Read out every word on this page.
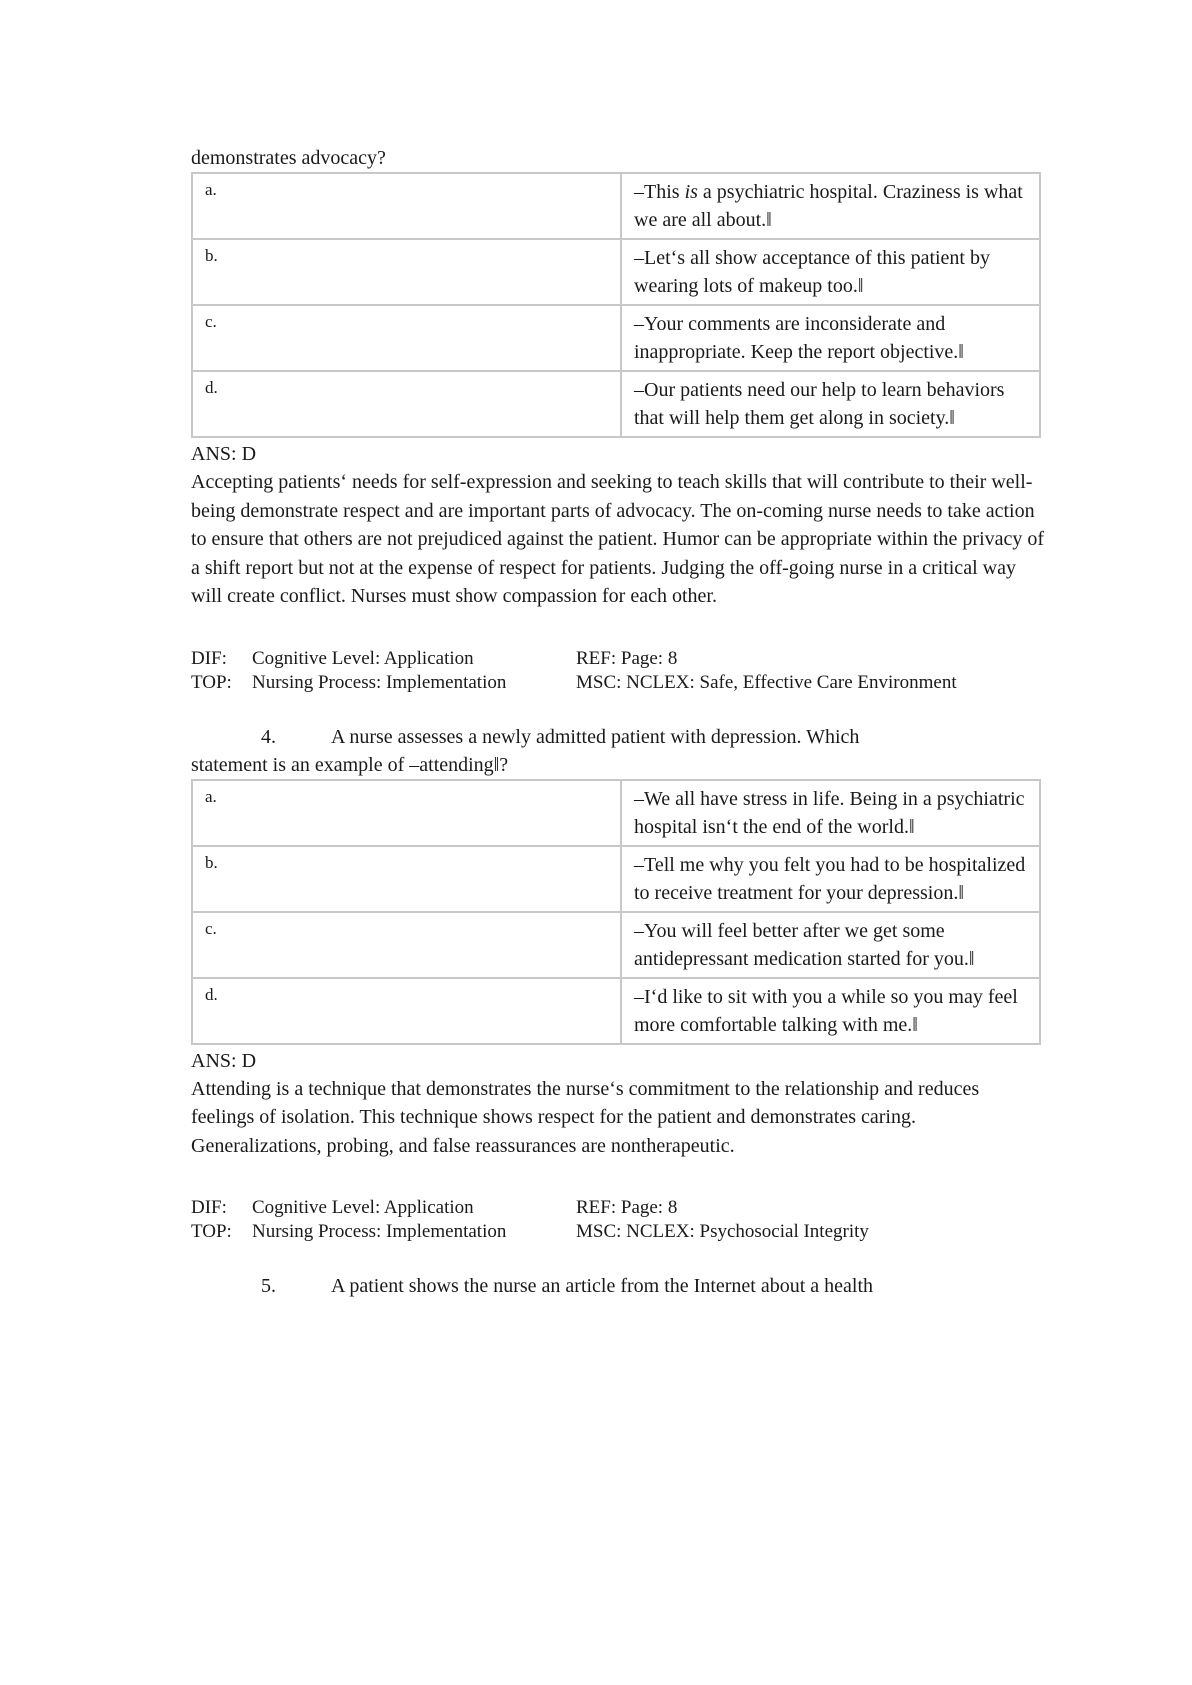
demonstrates advocacy?
a.	–This is a psychiatric hospital. Craziness is what we are all about.‖
b.	–Let‘s all show acceptance of this patient by wearing lots of makeup too.‖
c.	–Your comments are inconsiderate and inappropriate. Keep the report objective.‖
d.	–Our patients need our help to learn behaviors that will help them get along in society.‖
ANS: D
Accepting patients‘ needs for self-expression and seeking to teach skills that will contribute to their well-being demonstrate respect and are important parts of advocacy. The on-coming nurse needs to take action to ensure that others are not prejudiced against the patient. Humor can be appropriate within the privacy of a shift report but not at the expense of respect for patients. Judging the off-going nurse in a critical way will create conflict. Nurses must show compassion for each other.
DIF:	Cognitive Level: Application	REF: Page: 8
TOP:	Nursing Process: Implementation	MSC: NCLEX: Safe, Effective Care Environment
4.	A nurse assesses a newly admitted patient with depression. Which
statement is an example of –attending‖?
a.	–We all have stress in life. Being in a psychiatric hospital isn‘t the end of the world.‖
b.	–Tell me why you felt you had to be hospitalized to receive treatment for your depression.‖
c.	–You will feel better after we get some antidepressant medication started for you.‖
d.	–I‘d like to sit with you a while so you may feel more comfortable talking with me.‖
ANS: D
Attending is a technique that demonstrates the nurse‘s commitment to the relationship and reduces feelings of isolation. This technique shows respect for the patient and demonstrates caring. Generalizations, probing, and false reassurances are nontherapeutic.
DIF:	Cognitive Level: Application	REF: Page: 8
TOP:	Nursing Process: Implementation	MSC: NCLEX: Psychosocial Integrity
5.	A patient shows the nurse an article from the Internet about a health
